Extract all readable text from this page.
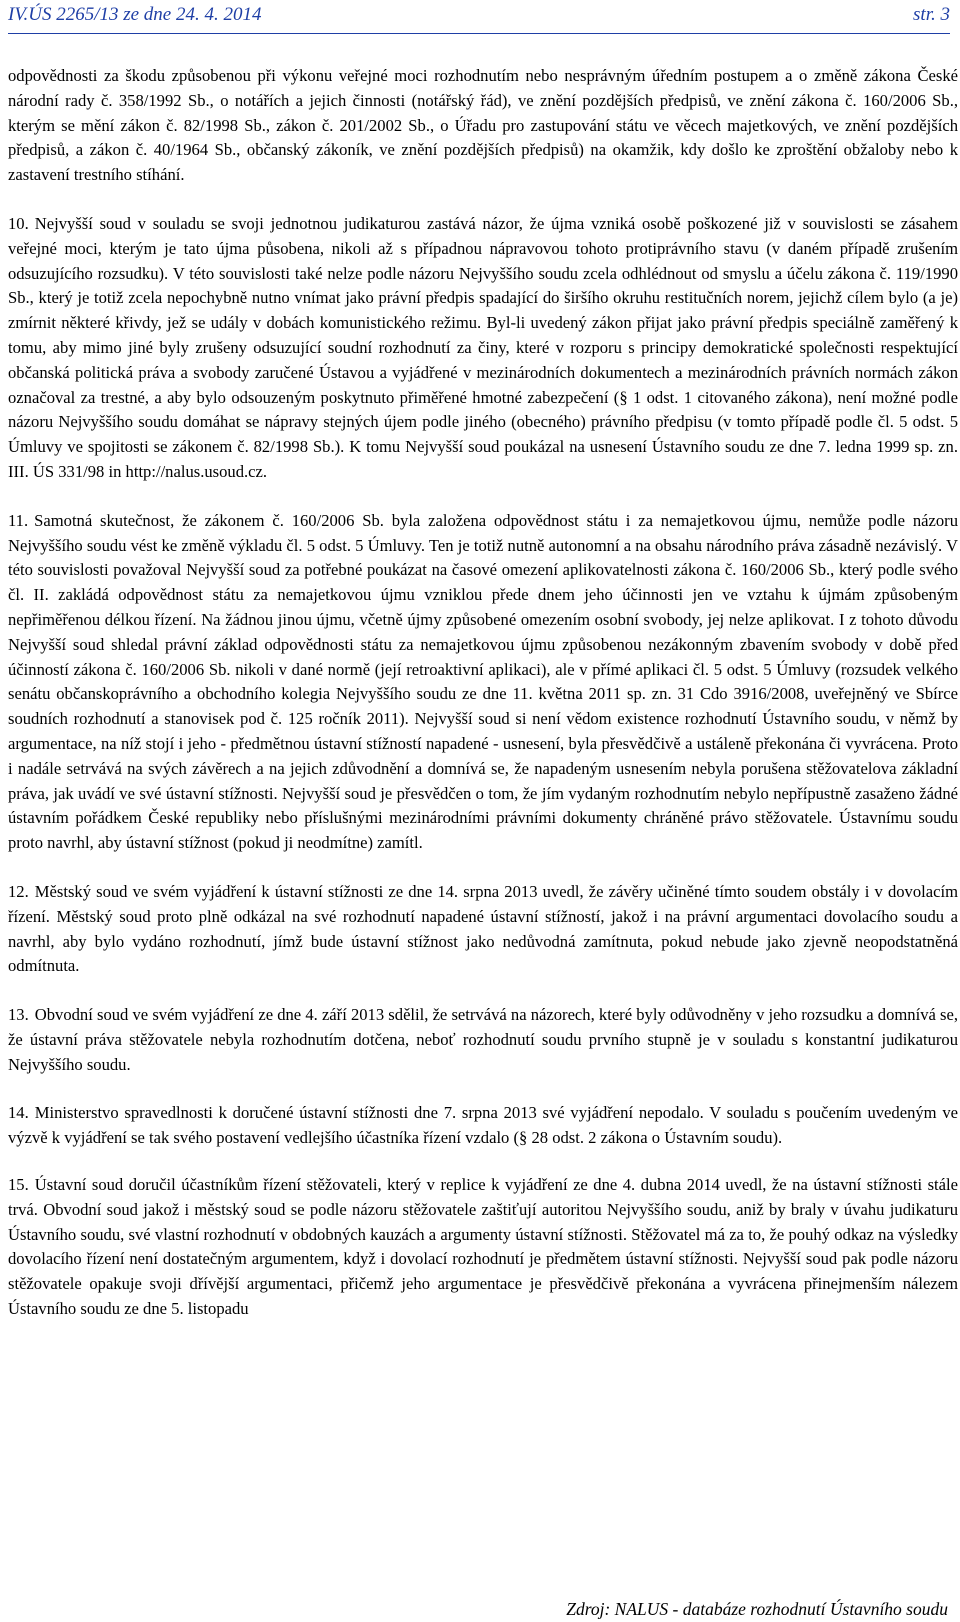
IV.ÚS 2265/13 ze dne 24. 4. 2014	str. 3

odpovědnosti za škodu způsobenou při výkonu veřejné moci rozhodnutím nebo nesprávným úředním postupem a o změně zákona České národní rady č. 358/1992 Sb., o notářích a jejich činnosti (notářský řád), ve znění pozdějších předpisů, ve znění zákona č. 160/2006 Sb., kterým se mění zákon č. 82/1998 Sb., zákon č. 201/2002 Sb., o Úřadu pro zastupování státu ve věcech majetkových, ve znění pozdějších předpisů, a zákon č. 40/1964 Sb., občanský zákoník, ve znění pozdějších předpisů) na okamžik, kdy došlo ke zproštění obžaloby nebo k zastavení trestního stíhání.

10. Nejvyšší soud v souladu se svoji jednotnou judikaturou zastává názor, že újma vzniká osobě poškozené již v souvislosti se zásahem veřejné moci, kterým je tato újma působena, nikoli až s případnou nápravovou tohoto protiprávního stavu (v daném případě zrušením odsuzujícího rozsudku). V této souvislosti také nelze podle názoru Nejvyššího soudu zcela odhlédnout od smyslu a účelu zákona č. 119/1990 Sb., který je totiž zcela nepochybně nutno vnímat jako právní předpis spadající do širšího okruhu restitučních norem, jejichž cílem bylo (a je) zmírnit některé křivdy, jež se udály v dobách komunistického režimu. Byl-li uvedený zákon přijat jako právní předpis speciálně zaměřený k tomu, aby mimo jiné byly zrušeny odsuzující soudní rozhodnutí za činy, které v rozporu s principy demokratické společnosti respektující občanská politická práva a svobody zaručené Ústavou a vyjádřené v mezinárodních dokumentech a mezinárodních právních normách zákon označoval za trestné, a aby bylo odsouzeným poskytnuto přiměřené hmotné zabezpečení (§ 1 odst. 1 citovaného zákona), není možné podle názoru Nejvyššího soudu domáhat se nápravy stejných újem podle jiného (obecného) právního předpisu (v tomto případě podle čl. 5 odst. 5 Úmluvy ve spojitosti se zákonem č. 82/1998 Sb.). K tomu Nejvyšší soud poukázal na usnesení Ústavního soudu ze dne 7. ledna 1999 sp. zn. III. ÚS 331/98 in http://nalus.usoud.cz.

11. Samotná skutečnost, že zákonem č. 160/2006 Sb. byla založena odpovědnost státu i za nemajetkovou újmu, nemůže podle názoru Nejvyššího soudu vést ke změně výkladu čl. 5 odst. 5 Úmluvy. Ten je totiž nutně autonomní a na obsahu národního práva zásadně nezávislý. V této souvislosti považoval Nejvyšší soud za potřebné poukázat na časové omezení aplikovatelnosti zákona č. 160/2006 Sb., který podle svého čl. II. zakládá odpovědnost státu za nemajetkovou újmu vzniklou přede dnem jeho účinnosti jen ve vztahu k újmám způsobeným nepřiměřenou délkou řízení. Na žádnou jinou újmu, včetně újmy způsobené omezením osobní svobody, jej nelze aplikovat. I z tohoto důvodu Nejvyšší soud shledal právní základ odpovědnosti státu za nemajetkovou újmu způsobenou nezákonným zbavením svobody v době před účinností zákona č. 160/2006 Sb. nikoli v dané normě (její retroaktivní aplikaci), ale v přímé aplikaci čl. 5 odst. 5 Úmluvy (rozsudek velkého senátu občanskoprávního a obchodního kolegia Nejvyššího soudu ze dne 11. května 2011 sp. zn. 31 Cdo 3916/2008, uveřejněný ve Sbírce soudních rozhodnutí a stanovisek pod č. 125 ročník 2011). Nejvyšší soud si není vědom existence rozhodnutí Ústavního soudu, v němž by argumentace, na níž stojí i jeho - předmětnou ústavní stížností napadené - usnesení, byla přesvědčivě a ustáleně překonána či vyvrácena. Proto i nadále setrvává na svých závěrech a na jejich zdůvodnění a domnívá se, že napadeným usnesením nebyla porušena stěžovatelova základní práva, jak uvádí ve své ústavní stížnosti. Nejvyšší soud je přesvědčen o tom, že jím vydaným rozhodnutím nebylo nepřípustně zasaženo žádné ústavním pořádkem České republiky nebo příslušnými mezinárodními právními dokumenty chráněné právo stěžovatele. Ústavnímu soudu proto navrhl, aby ústavní stížnost (pokud ji neodmítne) zamítl.

12. Městský soud ve svém vyjádření k ústavní stížnosti ze dne 14. srpna 2013 uvedl, že závěry učiněné tímto soudem obstály i v dovolacím řízení. Městský soud proto plně odkázal na své rozhodnutí napadené ústavní stížností, jakož i na právní argumentaci dovolacího soudu a navrhl, aby bylo vydáno rozhodnutí, jímž bude ústavní stížnost jako nedůvodná zamítnuta, pokud nebude jako zjevně neopodstatněná odmítnuta.

13. Obvodní soud ve svém vyjádření ze dne 4. září 2013 sdělil, že setrvává na názorech, které byly odůvodněny v jeho rozsudku a domnívá se, že ústavní práva stěžovatele nebyla rozhodnutím dotčena, neboť rozhodnutí soudu prvního stupně je v souladu s konstantní judikaturou Nejvyššího soudu.

14. Ministerstvo spravedlnosti k doručené ústavní stížnosti dne 7. srpna 2013 své vyjádření nepodalo. V souladu s poučením uvedeným ve výzvě k vyjádření se tak svého postavení vedlejšího účastníka řízení vzdalo (§ 28 odst. 2 zákona o Ústavním soudu).

15. Ústavní soud doručil účastníkům řízení stěžovateli, který v replice k vyjádření ze dne 4. dubna 2014 uvedl, že na ústavní stížnosti stále trvá. Obvodní soud jakož i městský soud se podle názoru stěžovatele zaštiťují autoritou Nejvyššího soudu, aniž by braly v úvahu judikaturu Ústavního soudu, své vlastní rozhodnutí v obdobných kauzách a argumenty ústavní stížnosti. Stěžovatel má za to, že pouhý odkaz na výsledky dovolacího řízení není dostatečným argumentem, když i dovolací rozhodnutí je předmětem ústavní stížnosti. Nejvyšší soud pak podle názoru stěžovatele opakuje svoji dřívější argumentaci, přičemž jeho argumentace je přesvědčivě překonána a vyvrácena přinejmenším nálezem Ústavního soudu ze dne 5. listopadu

Zdroj: NALUS - databáze rozhodnutí Ústavního soudu
